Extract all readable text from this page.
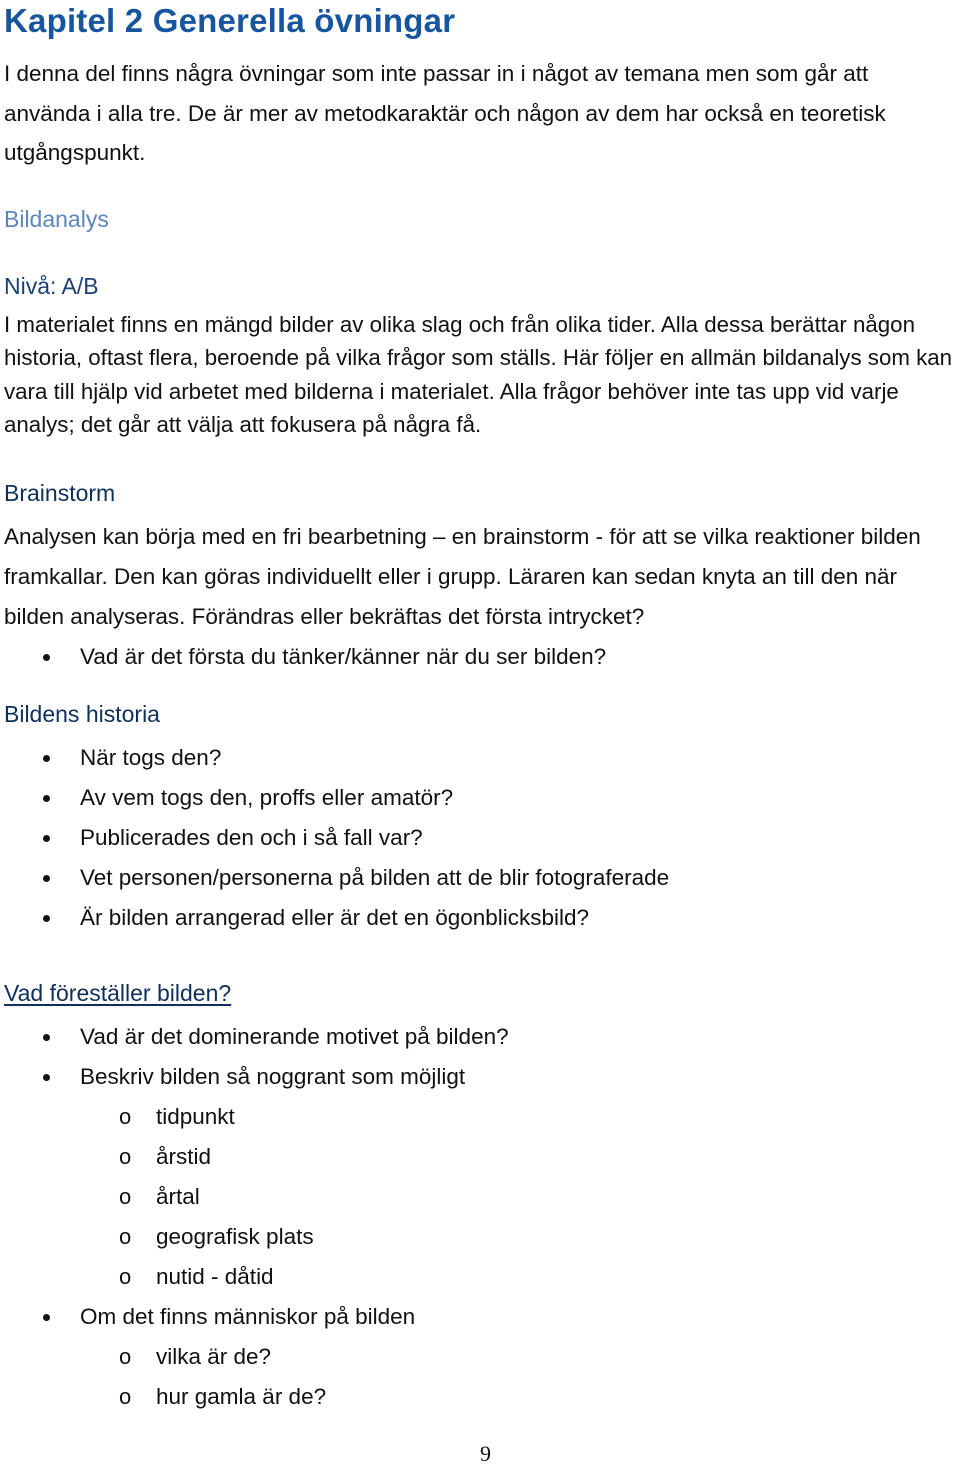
Kapitel 2 Generella övningar

I denna del finns några övningar som inte passar in i något av temana men som går att använda i alla tre. De är mer av metodkaraktär och någon av dem har också en teoretisk utgångspunkt.

Bildanalys
Nivå: A/B

I materialet finns en mängd bilder av olika slag och från olika tider. Alla dessa berättar någon historia, oftast flera, beroende på vilka frågor som ställs. Här följer en allmän bildanalys som kan vara till hjälp vid arbetet med bilderna i materialet. Alla frågor behöver inte tas upp vid varje analys; det går att välja att fokusera på några få.

Brainstorm

Analysen kan börja med en fri bearbetning – en brainstorm - för att se vilka reaktioner bilden framkallar. Den kan göras individuellt eller i grupp. Läraren kan sedan knyta an till den när bilden analyseras. Förändras eller bekräftas det första intrycket?

Vad är det första du tänker/känner när du ser bilden?
Bildens historia
När togs den?
Av vem togs den, proffs eller amatör?
Publicerades den och i så fall var?
Vet personen/personerna på bilden att de blir fotograferade
Är bilden arrangerad eller är det en ögonblicksbild?
Vad föreställer bilden?
Vad är det dominerande motivet på bilden?
Beskriv bilden så noggrant som möjligt
o tidpunkt
o årstid
o årtal
o geografisk plats
o nutid - dåtid
Om det finns människor på bilden
o vilka är de?
o hur gamla är de?
9
